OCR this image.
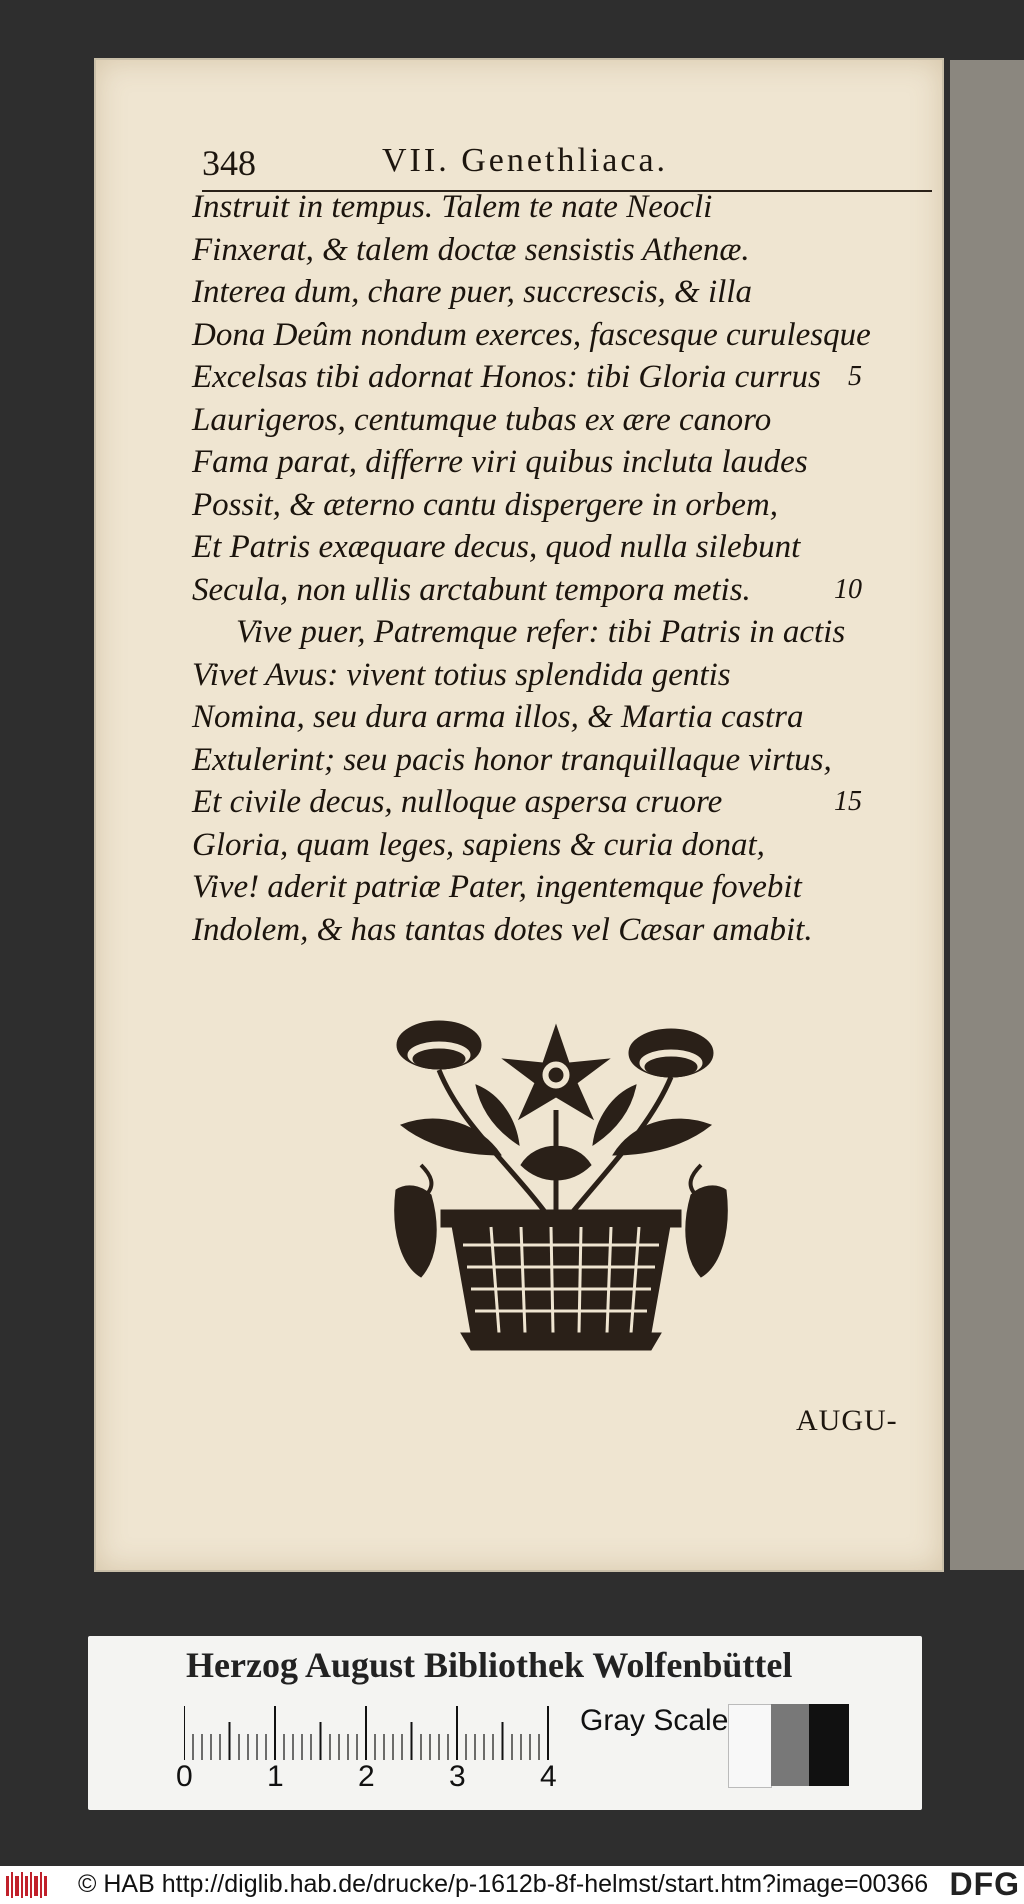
348	VII. Genethliaca.
Instruit in tempus. Talem te nate Neocli
Finxerat, & talem doctæ sensistis Athenæ.
Interea dum, chare puer, succrescis, & illa
Dona Deûm nondum exerces, fascesque curulesque
Excelsas tibi adornat Honos: tibi Gloria currus 5
Laurigeros, centumque tubas ex ære canoro
Fama parat, differre viri quibus incluta laudes
Possit, & æterno cantu dispergere in orbem,
Et Patris exæquare decus, quod nulla silebunt
Secula, non ullis arctabunt tempora metis.	10
Vive puer, Patremque refer: tibi Patris in actis
Vivet Avus: vivent totius splendida gentis
Nomina, seu dura arma illos, & Martia castra
Extulerint; seu pacis honor tranquillaque virtus,
Et civile decus, nulloque aspersa cruore	15
Gloria, quam leges, sapiens & curia donat,
Vive! aderit patriæ Pater, ingentemque fovebit
Indolem, & has tantas dotes vel Cæsar amabit.
AUGU-
Herzog August Bibliothek Wolfenbüttel
0 1 2 3 4
Gray Scale
© HAB http://diglib.hab.de/drucke/p-1612b-8f-helmst/start.htm?image=00366 DFG
